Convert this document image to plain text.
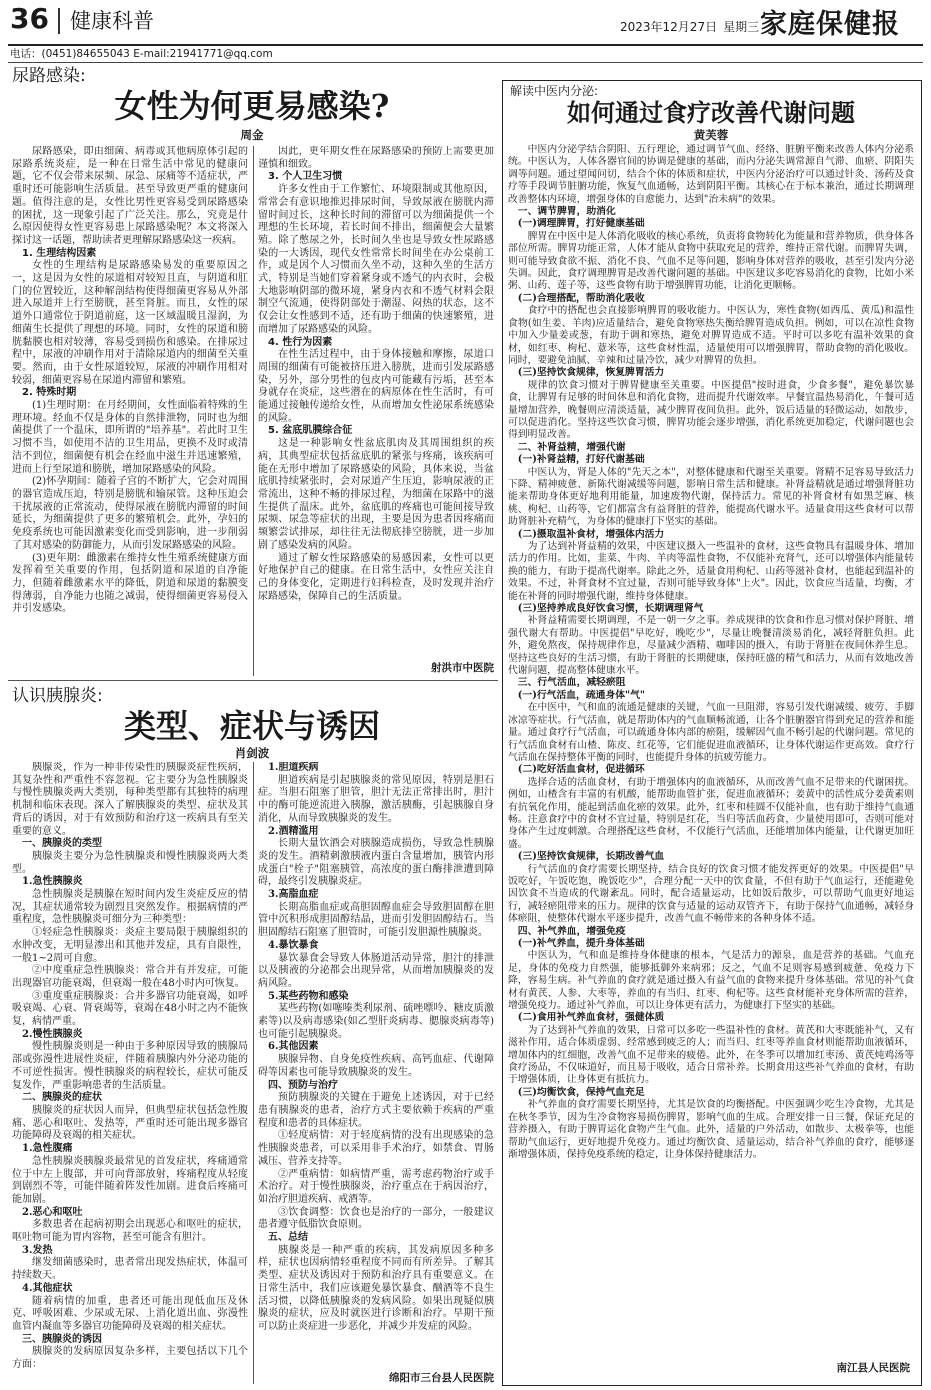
36 健康科普	2023年12月27日 星期三 家庭保健报
电话：(0451)84655043 E-mail:21941771@qq.com
尿路感染:
女性为何更易感染?
周金

尿路感染，即由细菌、病毒或其他病原体引起的尿路系统炎症，是一种在日常生活中常见的健康问题，它不仅会带来尿频、尿急、尿痛等不适症状，严重时还可能影响生活质量。甚至导致更严重的健康问题。值得注意的是，女性比男性更容易受到尿路感染的困扰，这一现象引起了广泛关注。那么，究竟是什么原因使得女性更容易患上尿路感染呢？本文将深入探讨这一话题，帮助读者更理解尿路感染这一疾病。

1. 生理结构因素

女性的生理结构是尿路感染易发的重要原因之一，这是因为女性的尿道相对较短且直，与阴道和肛门的位置较近，这种解剖结构使得细菌更容易从外部进入尿道并上行至膀胱，甚至肾脏。而且，女性的尿道外口通常位于阴道前庭，这一区域温暖且湿润，为细菌生长提供了理想的环境。同时，女性的尿道和膀胱黏膜也相对较薄，容易受到损伤和感染。在排尿过程中，尿液的冲刷作用对于清除尿道内的细菌至关重要。然而，由于女性尿道较短，尿液的冲刷作用相对较弱，细菌更容易在尿道内滞留和繁殖。

2. 特殊时期

(1)生理时期：在月经期间，女性面临着特殊的生理环境。经血不仅是身体的自然排泄物，同时也为细菌提供了一个温床，即所谓的"培养基"。若此时卫生习惯不当，如使用不洁的卫生用品，更换不及时或清洁不到位，细菌便有机会在经血中滋生并迅速繁殖，进而上行至尿道和膀胱，增加尿路感染的风险。

(2)怀孕期间：随着子宫的不断扩大，它会对周围的器官造成压迫，特别是膀胱和输尿管。这种压迫会干扰尿液的正常流动，使得尿液在膀胱内滞留的时间延长，为细菌提供了更多的繁殖机会。此外，孕妇的免疫系统也可能因激素变化而受到影响，进一步削弱了其对感染的防御能力，从而引发尿路感染的风险。

(3)更年期：雌激素在维持女性生殖系统健康方面发挥着至关重要的作用，包括阴道和尿道的自净能力，但随着雌激素水平的降低，阴道和尿道的黏膜变得薄弱，自净能力也随之减弱，使得细菌更容易侵入并引发感染。

因此，更年期女性在尿路感染的预防上需要更加谨慎和细致。

3. 个人卫生习惯

许多女性由于工作繁忙、环境限制或其他原因，常常会有意识地推迟排尿时间，导致尿液在膀胱内滞留时间过长，这种长时间的滞留可以为细菌提供一个理想的生长环境，若长时间不排出，细菌便会大量繁殖。除了憋尿之外，长时间久坐也是导致女性尿路感染的一大诱因，现代女性常常长时间坐在办公桌前工作，或是因个人习惯而久坐不动，这种久坐的生活方式，特别是当她们穿着紧身或不透气的内衣时，会极大地影响阴部的微环境，紧身内衣和不透气材料会限制空气流通，使得阴部处于潮湿、闷热的状态，这不仅会让女性感到不适，还有助于细菌的快速繁殖，进而增加了尿路感染的风险。

4. 性行为因素

在性生活过程中，由于身体接触和摩擦，尿道口周围的细菌有可能被挤压进入膀胱，进而引发尿路感染，另外，部分男性的包皮内可能藏有污垢，甚至本身就存在炎症，这些潜在的病原体在性生活时，有可能通过接触传递给女性，从而增加女性泌尿系统感染的风险。

5. 盆底肌膜综合征

这是一种影响女性盆底肌肉及其周围组织的疾病，其典型症状包括盆底肌的紧张与疼痛，该疾病可能在无形中增加了尿路感染的风险，具体来说，当盆底肌持续紧张时，会对尿道产生压迫，影响尿液的正常流出，这种不畅的排尿过程，为细菌在尿路中的滋生提供了温床。此外，盆底肌的疼痛也可能间接导致尿频、尿急等症状的出现，主要是因为患者因疼痛而频繁尝试排尿，却往往无法彻底排空膀胱，进一步加剧了感染发病的风险。

通过了解女性尿路感染的易感因素，女性可以更好地保护自己的健康。在日常生活中，女性应关注自己的身体变化，定期进行妇科检查，及时发现并治疗尿路感染，保障自己的生活质量。

射洪市中医院
认识胰腺炎:
类型、症状与诱因
肖剑波

胰腺炎，作为一种非传染性的胰腺炎症性疾病，其复杂性和严重性不容忽视。它主要分为急性胰腺炎与慢性胰腺炎两大类别，每种类型都有其独特的病理机制和临床表现。深入了解胰腺炎的类型、症状及其背后的诱因，对于有效预防和治疗这一疾病具有至关重要的意义。

一、胰腺炎的类型

胰腺炎主要分为急性胰腺炎和慢性胰腺炎两大类型。

1.急性胰腺炎

急性胰腺炎是胰腺在短时间内发生炎症反应的情况，其症状通常较为剧烈且突然发作。根据病情的严重程度，急性胰腺炎可细分为三种类型：

①轻症急性胰腺炎：炎症主要局限于胰腺组织的水肿改变，无明显渗出和其他并发症，具有自限性，一般1~2周可自愈。

②中度重症急性胰腺炎：常合并有并发症，可能出现器官功能衰竭，但衰竭一般在48小时内可恢复。

③重度重症胰腺炎：合并多器官功能衰竭，如呼吸衰竭、心衰、肾衰竭等，衰竭在48小时之内不能恢复，病情严重。

2.慢性胰腺炎

慢性胰腺炎则是一种由于多种原因导致的胰腺局部或弥漫性进展性炎症，伴随着胰腺内外分泌功能的不可逆性损害。慢性胰腺炎的病程较长，症状可能反复发作，严重影响患者的生活质量。

二、胰腺炎的症状

胰腺炎的症状因人而异，但典型症状包括急性腹痛、恶心和呕吐、发热等，严重时还可能出现多器官功能障碍及衰竭的相关症状。

1.急性腹痛

急性胰腺炎胰腺炎最常见的首发症状，疼痛通常位于中左上腹部，并可向背部放射，疼痛程度从轻度到剧烈不等，可能伴随着阵发性加剧。进食后疼痛可能加剧。

2.恶心和呕吐

多数患者在起病初期会出现恶心和呕吐的症状，呕吐物可能为胃内容物，甚至可能含有胆汁。

3.发热

继发细菌感染时，患者常出现发热症状，体温可持续数天。

4.其他症状

随着病情的加重，患者还可能出现低血压及休克、呼吸困难、少尿或无尿、上消化道出血、弥漫性血管内凝血等多器官功能障碍及衰竭的相关症状。

三、胰腺炎的诱因

胰腺炎的发病原因复杂多样，主要包括以下几个方面：

1.胆道疾病

胆道疾病是引起胰腺炎的常见原因，特别是胆石症。当胆石阻塞了胆管，胆汁无法正常排出时，胆汁中的酶可能逆流进入胰腺，激活胰酶，引起胰腺自身消化，从而导致胰腺炎的发生。

2.酒精滥用

长期大量饮酒会对胰腺造成损伤，导致急性胰腺炎的发生。酒精刺激胰液内蛋白含量增加，胰管内形成蛋白"栓子"阻塞胰管，高浓度的蛋白酶排泄遭到障碍，最终引发胰腺炎症。

3.高脂血症

长期高脂血症或高胆固醇血症会导致胆固醇在胆管中沉积形成胆固醇结晶，进而引发胆固醇结石。当胆固醇结石阻塞了胆管时，可能引发胆源性胰腺炎。

4.暴饮暴食

暴饮暴食会导致人体肠道活动异常，胆汁的排泄以及胰液的分泌都会出现异常，从而增加胰腺炎的发病风险。

5.某些药物和感染

某些药物(如噻嗪类利尿剂、硫唑嘌呤、糖皮质激素等)以及病毒感染(如乙型肝炎病毒、腮腺炎病毒等)也可能引起胰腺炎。

6.其他因素

胰腺异物、自身免疫性疾病、高钙血症、代谢障碍等因素也可能导致胰腺炎的发生。

四、预防与治疗

预防胰腺炎的关键在于避免上述诱因，对于已经患有胰腺炎的患者，治疗方式主要依赖于疾病的严重程度和患者的具体症状。

①轻度病情：对于轻度病情的没有出现感染的急性胰腺炎患者，可以采用非手术治疗，如禁食、胃肠减压、营养支持等。

②严重病情：如病情严重，需考虑药物治疗或手术治疗。对于慢性胰腺炎，治疗重点在于病因治疗，如治疗胆道疾病、戒酒等。

③饮食调整：饮食也是治疗的一部分，一般建议患者遵守低脂饮食原则。

五、总结

胰腺炎是一种严重的疾病，其发病原因多种多样，症状也因病情轻重程度不同而有所差异。了解其类型、症状及诱因对于预防和治疗具有重要意义。在日常生活中，我们应该避免暴饮暴食、酗酒等不良生活习惯，以降低胰腺炎的发病风险。如果出现疑似胰腺炎的症状，应及时就医进行诊断和治疗。早期干预可以防止炎症进一步恶化，并减少并发症的风险。

绵阳市三台县人民医院
解读中医内分泌:
如何通过食疗改善代谢问题
黄芙蓉

中医内分泌学结合阴阳、五行理论，通过调节气血、经络、脏腑平衡来改善人体内分泌系统。中医认为，人体各器官间的协调是健康的基础，而内分泌失调常源自气滞、血瘀、阴阳失调等问题。通过望闻问切，结合个体的体质和症状，中医内分泌治疗可以通过针灸、汤药及食疗等手段调节脏腑功能，恢复气血通畅，达到阴阳平衡。其核心在于标本兼治，通过长期调理改善整体内环境，增强身体的自愈能力，达到"治未病"的效果。

一、调节脾胃，助消化

(一)调理脾胃，打好健康基础

脾胃在中医中是人体消化吸收的核心系统，负责将食物转化为能量和营养物质，供身体各部位所需。脾胃功能正常，人体才能从食物中获取充足的营养，维持正常代谢。而脾胃失调，则可能导致食欲不振、消化不良、气血不足等问题，影响身体对营养的吸收，甚至引发内分泌失调。因此，食疗调理脾胃是改善代谢问题的基础。中医建议多吃容易消化的食物，比如小米粥、山药、莲子等，这些食物有助于增强脾胃功能，让消化更顺畅。

(二)合理搭配，帮助消化吸收

食疗中的搭配也会直接影响脾胃的吸收能力。中医认为，寒性食物(如西瓜、黄瓜)和温性食物(如生姜、羊肉)应适量结合，避免食物寒热失衡给脾胃造成负担。例如，可以在凉性食物中加入少量姜或葱，有助于调和寒热，避免对脾胃造成不适。平时可以多吃有温补效果的食材，如红枣、枸杞、薏米等，这些食材性温，适量使用可以增强脾胃，帮助食物的消化吸收。同时，要避免油腻、辛辣和过量冷饮，减少对脾胃的负担。

(三)坚持饮食规律，恢复脾胃活力

规律的饮食习惯对于脾胃健康至关重要。中医提倡"按时进食，少食多餐"，避免暴饮暴食，让脾胃有足够的时间休息和消化食物，进而提升代谢效率。早餐宜温热易消化，午餐可适量增加营养，晚餐则应清淡适量，减少脾胃夜间负担。此外，饭后适量的轻微运动，如散步，可以促进消化。坚持这些饮食习惯，脾胃功能会逐步增强，消化系统更加稳定，代谢问题也会得到明显改善。

二、补肾益精，增强代谢

(一)补肾益精，打好代谢基础

中医认为，肾是人体的"先天之本"，对整体健康和代谢至关重要。肾精不足容易导致活力下降、精神疲惫、新陈代谢减缓等问题，影响日常生活和健康。补肾益精就是通过增强肾脏功能来帮助身体更好地利用能量，加速废物代谢，保持活力。常见的补肾食材有如黑芝麻、核桃、枸杞、山药等，它们都富含有益肾脏的营养，能提高代谢水平。适量食用这些食材可以帮助肾脏补充精气，为身体的健康打下坚实的基础。

(二)摄取温补食材，增强体内活力

为了达到补肾益精的效果，中医建议摄入一些温补的食材，这些食物具有温暖身体、增加活力的作用。比如，韭菜、牛肉、羊肉等温性食物，不仅能补充肾气，还可以增强体内能量转换的能力，有助于提高代谢率。除此之外，适量食用枸杞、山药等滋补食材，也能起到温补的效果。不过，补肾食材不宜过量，否则可能导致身体"上火"。因此，饮食应当适量，均衡，才能在补肾的同时增强代谢，维持身体健康。

(三)坚持养成良好饮食习惯，长期调理肾气

补肾益精需要长期调理，不是一朝一夕之事。养成规律的饮食和作息习惯对保护肾脏、增强代谢大有帮助。中医提倡"早吃好，晚吃少"，尽量让晚餐清淡易消化，减轻肾脏负担。此外，避免熬夜，保持规律作息，尽量减少酒精、咖啡因的摄入，有助于肾脏在夜间休养生息。坚持这些良好的生活习惯，有助于肾脏的长期健康，保持旺盛的精气和活力，从而有效地改善代谢问题，提高整体健康水平。

三、行气活血，减轻瘀阻

(一)行气活血，疏通身体"气"

在中医中，气和血的流通是健康的关键，气血一旦阻滞，容易引发代谢减缓、疲劳、手脚冰凉等症状。行气活血，就是帮助体内的气血顺畅流通，让各个脏腑器官得到充足的营养和能量。通过食疗行气活血，可以疏通身体内部的瘀阻，缓解因气血不畅引起的代谢问题。常见的行气活血食材有山楂、陈皮、红花等，它们能促进血液循环，让身体代谢运作更高效。食疗行气活血在保持整体平衡的同时，也能提升身体的抗疲劳能力。

(二)吃好活血食材，促进循环

选择合适的活血食材，有助于增强体内的血液循环，从而改善气血不足带来的代谢困扰。例如，山楂含有丰富的有机酸，能帮助血管扩张，促进血液循环；姜黄中的活性成分姜黄素则有抗氧化作用，能起到活血化瘀的效果。此外，红枣和桂圆不仅能补血，也有助于维持气血通畅。注意食疗中的食材不宜过量，特别是红花，当归等活血药食，少量使用即可，否则可能对身体产生过度刺激。合理搭配这些食材，不仅能行气活血，还能增加体内能量，让代谢更加旺盛。

(三)坚持饮食规律，长期改善气血

行气活血的食疗需要长期坚持，结合良好的饮食习惯才能发挥更好的效果。中医提倡"早饭吃好，午饭吃饱，晚饭吃少"，合理分配一天中的饮食量，不但有助于气血运行，还能避免因饮食不当造成的代谢紊乱。同时，配合适量运动，比如饭后散步，可以帮助气血更好地运行，减轻瘀阻带来的压力。规律的饮食与适量的运动双管齐下，有助于保持气血通畅，减轻身体瘀阻，使整体代谢水平逐步提升，改善气血不畅带来的各种身体不适。

四、补气养血，增强免疫

(一)补气养血，提升身体基础

中医认为，气和血是维持身体健康的根本，气是活力的源泉，血是营养的基础。气血充足，身体的免疫力自然强，能够抵御外来病邪；反之，气血不足则容易感到疲惫、免疫力下降，容易生病。补气养血的食疗就是通过摄入有益气血的食物来提升身体基础。常见的补气食材有黄芪、人参、大枣等，养血的有当归、红枣、枸杞等。这些食材能补充身体所需的营养，增强免疫力。通过补气养血，可以让身体更有活力，为健康打下坚实的基础。

(二)食用补气养血食材，强健体质

为了达到补气养血的效果，日常可以多吃一些温补性的食材。黄芪和大枣既能补气，又有滋补作用，适合体质虚弱、经常感到疲乏的人；而当归、红枣等养血食材则能帮助血液循环，增加体内的红细胞，改善气血不足带来的疲倦。此外，在冬季可以增加红枣汤、黄芪炖鸡汤等食疗汤品，不仅味道好，而且易于吸收，适合日常补养。长期食用这些补气养血的食材，有助于增强体质，让身体更有抵抗力。

(三)均衡饮食，保持气血充足

补气养血的食疗需要长期坚持，尤其是饮食的均衡搭配。中医强调少吃生冷食物，尤其是在秋冬季节，因为生冷食物容易损伤脾胃，影响气血的生成。合理安排一日三餐，保证充足的营养摄入，有助于脾胃运化食物产生气血。此外，适量的户外活动，如散步、太极拳等，也能帮助气血运行，更好地提升免疫力。通过均衡饮食、适量运动，结合补气养血的食疗，能够逐渐增强体质，保持免疫系统的稳定，让身体保持健康活力。

南江县人民医院
